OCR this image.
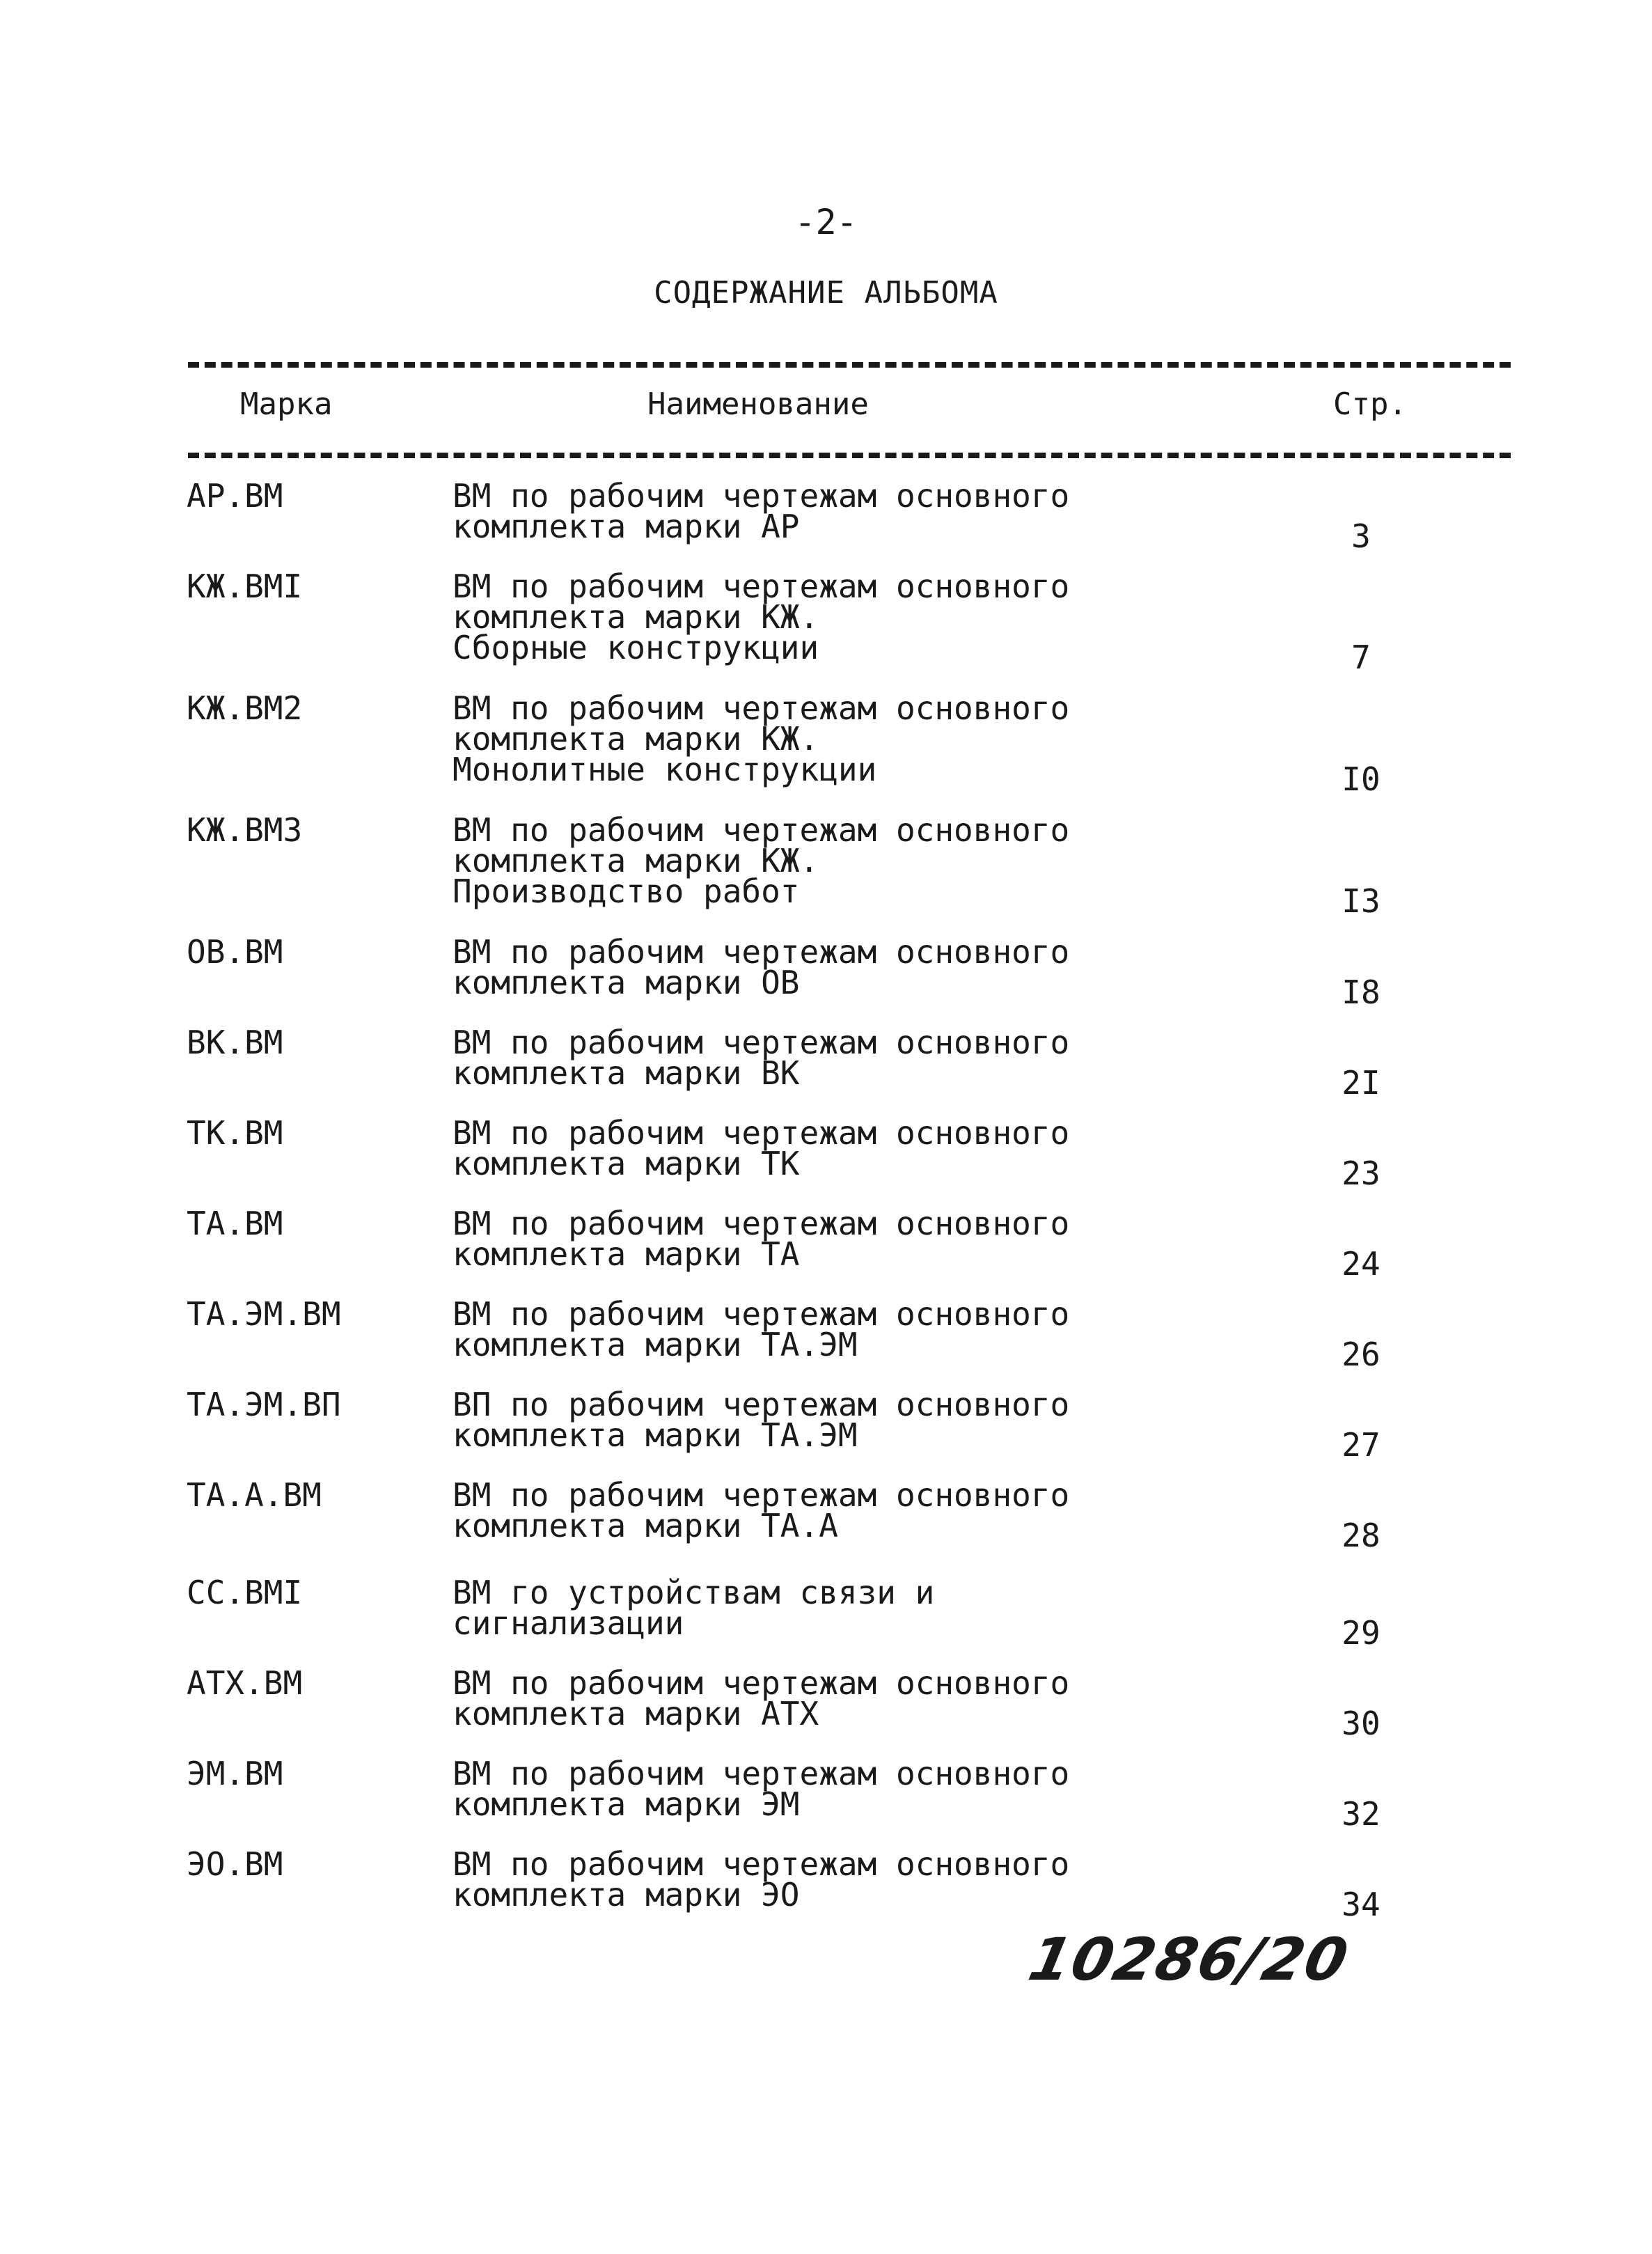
-2-
СОДЕРЖАНИЕ АЛЬБОМА
Марка	Наименование	Стр.
АР.ВМ	ВМ по рабочим чертежам основного
комплекта марки АР	3
КЖ.ВМI	ВМ по рабочим чертежам основного
комплекта марки КЖ.
Сборные конструкции	7
КЖ.ВМ2	ВМ по рабочим чертежам основного
комплекта марки КЖ.
Монолитные конструкции	I0
КЖ.ВМ3	ВМ по рабочим чертежам основного
комплекта марки КЖ.
Производство работ	I3
ОВ.ВМ	ВМ по рабочим чертежам основного
комплекта марки ОВ	I8
ВК.ВМ	ВМ по рабочим чертежам основного
комплекта марки ВК	2I
ТК.ВМ	ВМ по рабочим чертежам основного
комплекта марки ТК	23
ТА.ВМ	ВМ по рабочим чертежам основного
комплекта марки ТА	24
ТА.ЭМ.ВМ	ВМ по рабочим чертежам основного
комплекта марки ТА.ЭМ	26
ТА.ЭМ.ВП	ВП по рабочим чертежам основного
комплекта марки ТА.ЭМ	27
ТА.А.ВМ	ВМ по рабочим чертежам основного
комплекта марки ТА.А	28
СС.ВМI	ВМ го устройствам связи и
сигнализации	29
АТХ.ВМ	ВМ по рабочим чертежам основного
комплекта марки АТХ	30
ЭМ.ВМ	ВМ по рабочим чертежам основного
комплекта марки ЭМ	32
ЭО.ВМ	ВМ по рабочим чертежам основного
комплекта марки ЭО	34
10286/20
